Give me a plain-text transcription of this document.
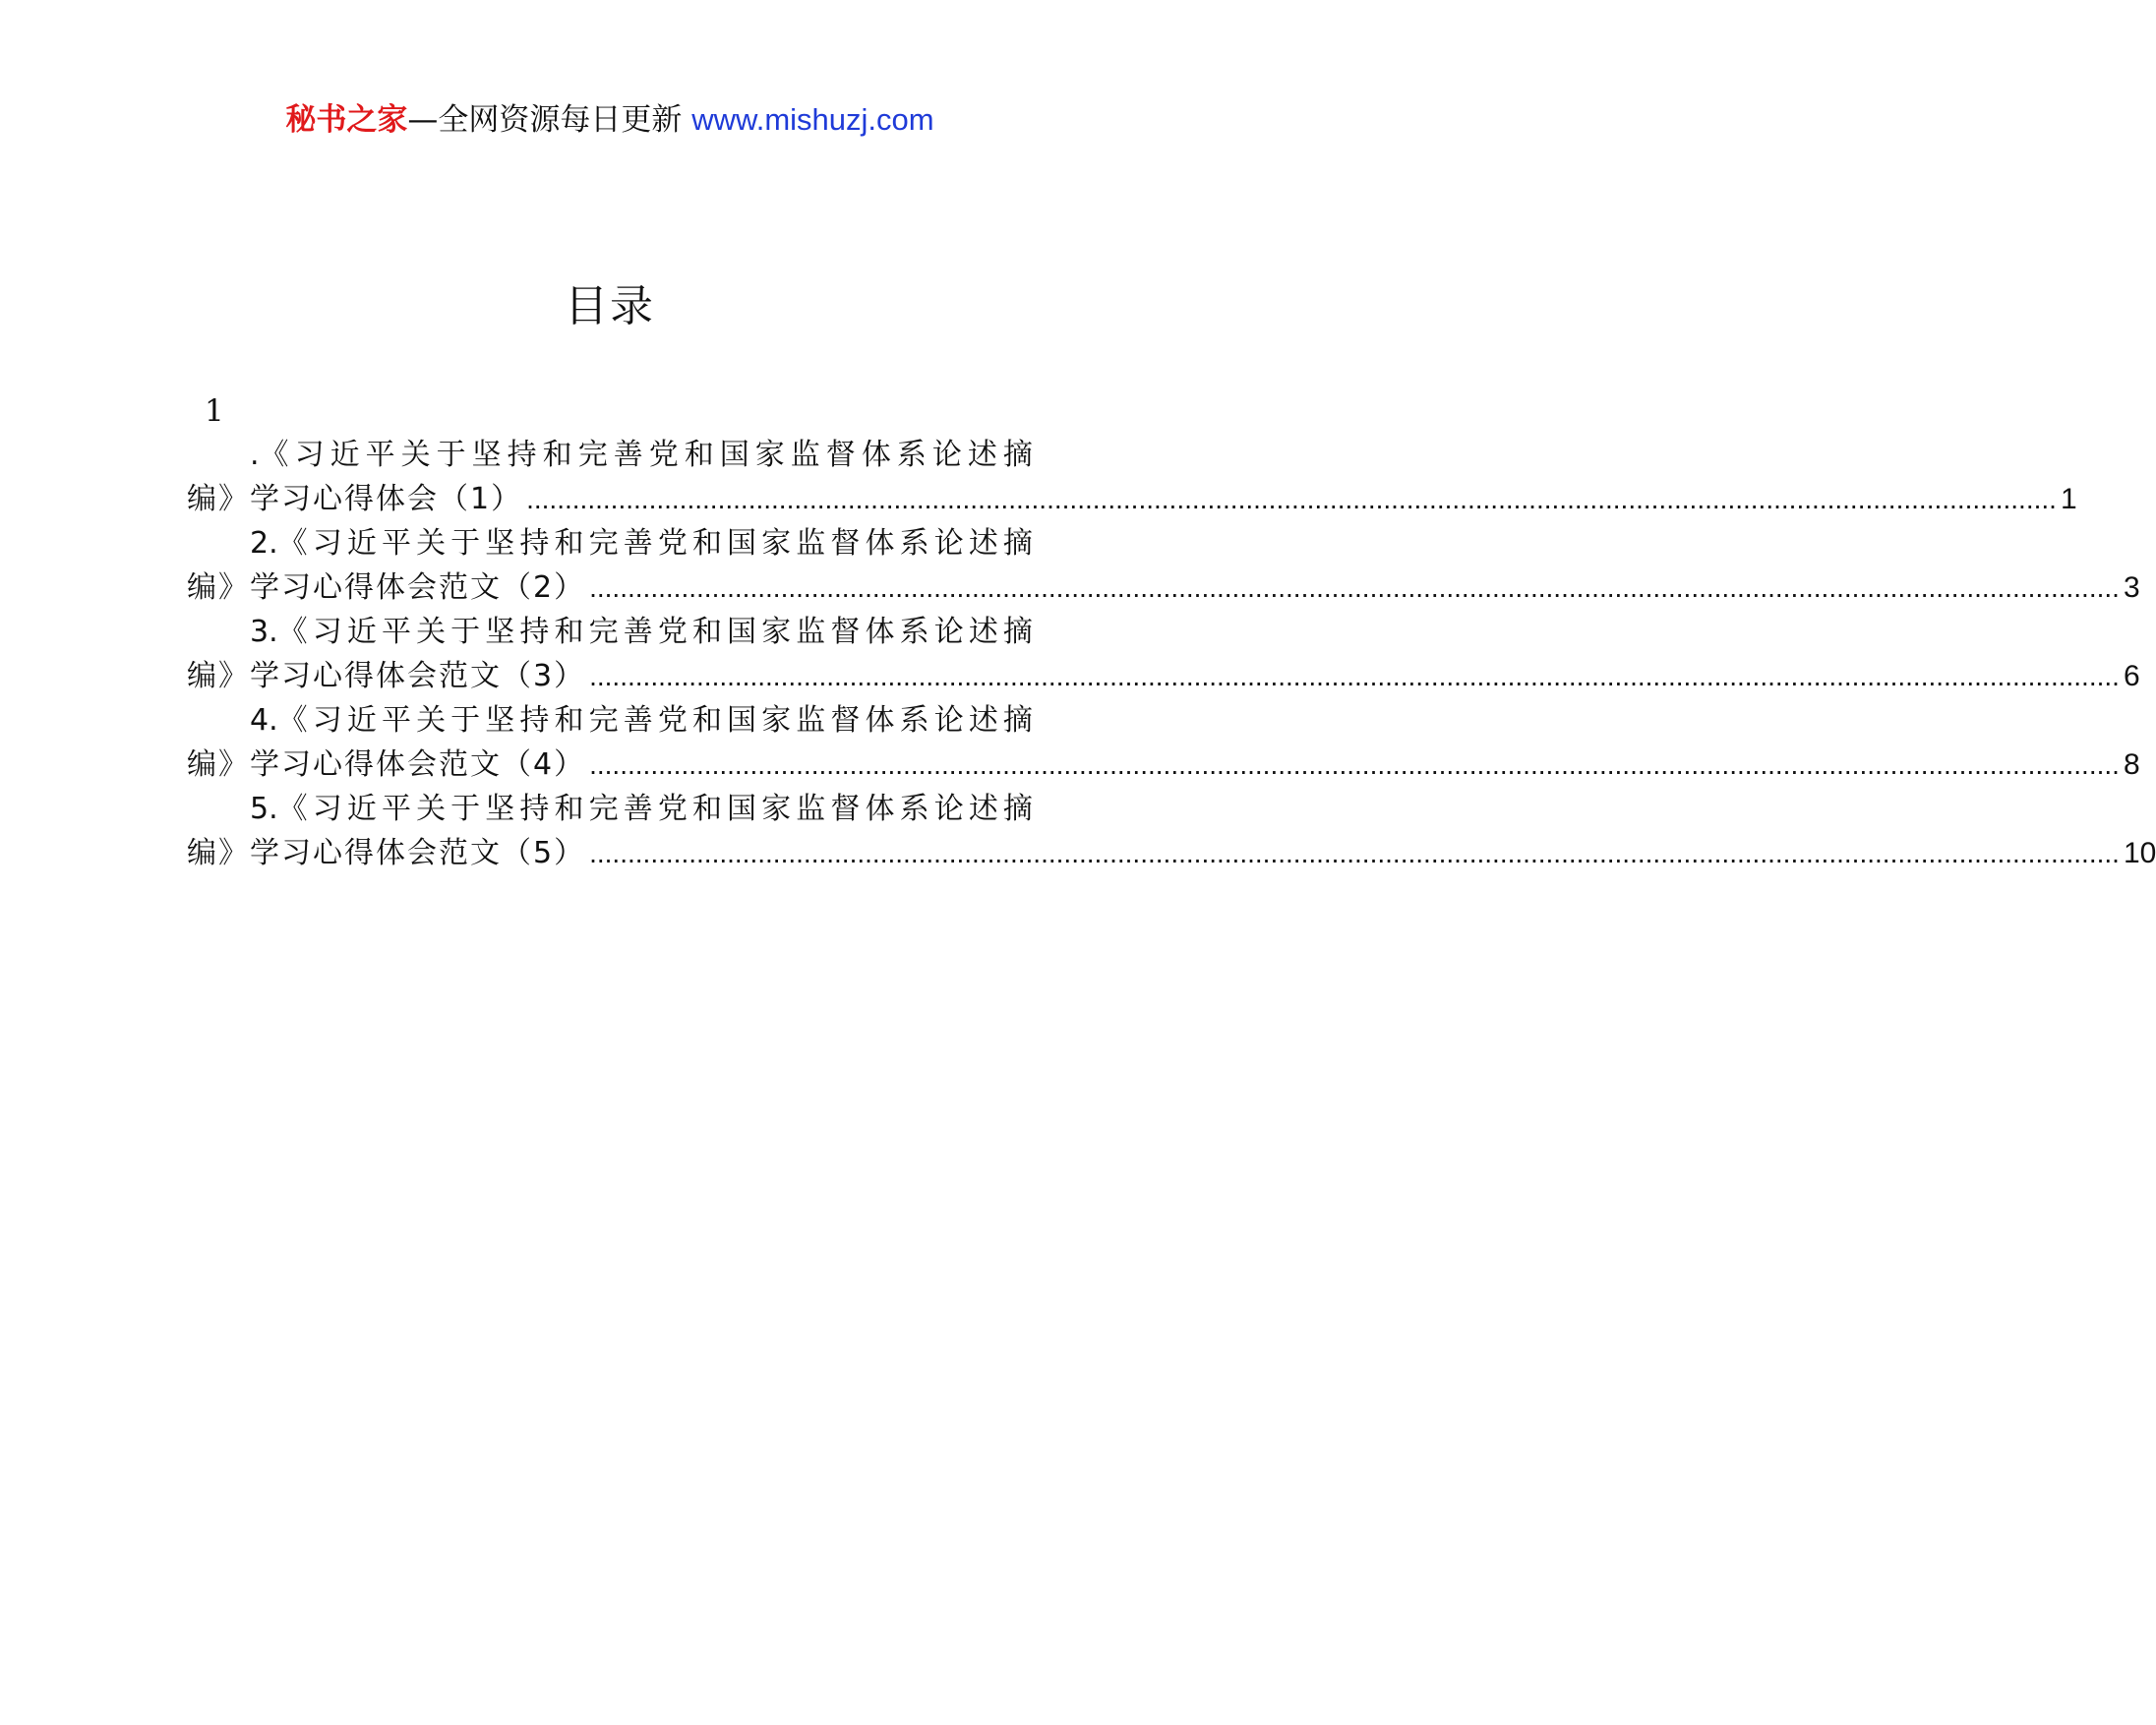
秘书之家—全网资源每日更新 www.mishuzj.com
目录
1
.《 习 近 平 关 于 坚 持 和 完 善 党 和 国 家 监 督 体 系 论 述 摘
编》学习心得体会（1） ........................................................................................................................................................................................................ 1
2.《 习 近 平 关 于 坚 持 和 完 善 党 和 国 家 监 督 体 系 论 述 摘
编》学习心得体会范文（2） ........................................................................................................................................................................................................ 3
3.《 习 近 平 关 于 坚 持 和 完 善 党 和 国 家 监 督 体 系 论 述 摘
编》学习心得体会范文（3） ........................................................................................................................................................................................................ 6
4.《 习 近 平 关 于 坚 持 和 完 善 党 和 国 家 监 督 体 系 论 述 摘
编》学习心得体会范文（4） ........................................................................................................................................................................................................ 8
5.《 习 近 平 关 于 坚 持 和 完 善 党 和 国 家 监 督 体 系 论 述 摘
编》学习心得体会范文（5） ........................................................................................................................................................................................................ 10
